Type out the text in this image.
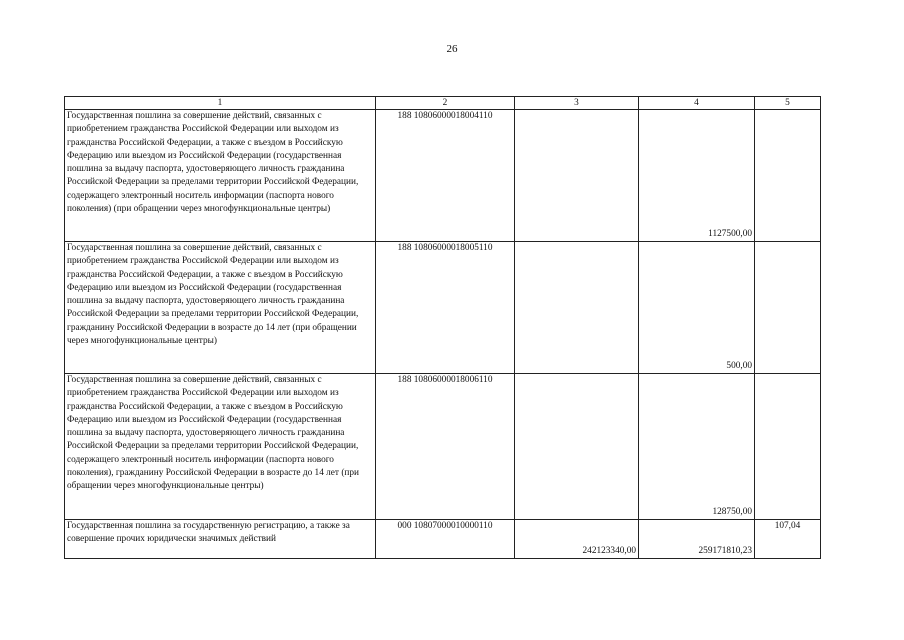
26
1	2	3	4	5
Государственная пошлина за совершение действий, связанных с приобретением гражданства Российской Федерации или выходом из гражданства Российской Федерации, а также с въездом в Российскую Федерацию или выездом из Российской Федерации (государственная пошлина за выдачу паспорта, удостоверяющего личность гражданина Российской Федерации за пределами территории Российской Федерации, содержащего электронный носитель информации (паспорта нового поколения) (при обращении через многофункциональные центры)	188 10806000018004110		1127500,00	
Государственная пошлина за совершение действий, связанных с приобретением гражданства Российской Федерации или выходом из гражданства Российской Федерации, а также с въездом в Российскую Федерацию или выездом из Российской Федерации (государственная пошлина за выдачу паспорта, удостоверяющего личность гражданина Российской Федерации за пределами территории Российской Федерации, гражданину Российской Федерации в возрасте до 14 лет (при обращении через многофункциональные центры)	188 10806000018005110		500,00	
Государственная пошлина за совершение действий, связанных с приобретением гражданства Российской Федерации или выходом из гражданства Российской Федерации, а также с въездом в Российскую Федерацию или выездом из Российской Федерации (государственная пошлина за выдачу паспорта, удостоверяющего личность гражданина Российской Федерации за пределами территории Российской Федерации, содержащего электронный носитель информации (паспорта нового поколения), гражданину Российской Федерации в возрасте до 14 лет (при обращении через многофункциональные центры)	188 10806000018006110		128750,00	
Государственная пошлина за государственную регистрацию, а также за совершение прочих юридически значимых действий	000 10807000010000110	242123340,00	259171810,23	107,04
